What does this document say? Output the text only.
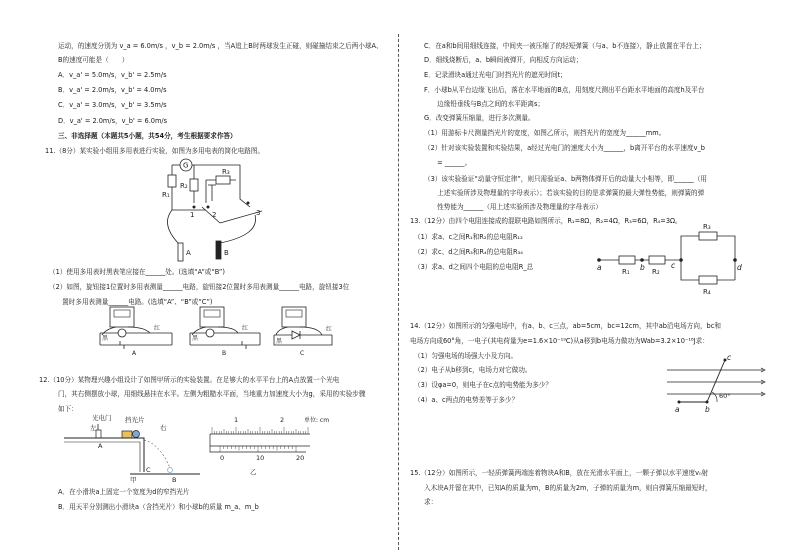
运动，的速度分别为 v_a = 6.0m/s ，v_b = 2.0m/s ，当A追上B时两球发生正碰，则碰撞结束之后两小球A、
B的速度可能是（　　）
A．v_a' = 5.0m/s，v_b' = 2.5m/s
B．v_a' = 2.0m/s，v_b' = 4.0m/s
C．v_a' = 3.0m/s，v_b' = 3.5m/s
D．v_a' = 2.0m/s，v_b' = 6.0m/s
三、非选择题（本题共5小题，共54分，考生根据要求作答）
11.（8分）某实验小组用多用表进行实验，如图为多用电表的简化电路图。
G
R₁
R₂
R₃
1	2	3
A	B
（1）使用多用表时黑表笔应接在______处。(选填“A”或“B”)
（2）如图，旋钮接1位置时多用表测量______电路，旋钮接2位置时多用表测量______电路，旋钮接3位
　　置时多用表测量______电路。(选填“A”、“B”或“C”)
黑
红
A
黑
红
B
黑
红
C
12.（10分）某物理兴趣小组设计了如图甲所示的实验装置。在足够大的水平平台上的A点放置一个光电
门，其右侧摆放小球，用细线悬挂在水平。左侧为粗糙水平面，当地重力加速度大小为g，采用的实验步骤
如下：
光电门 挡光片
左	右
A
C
B
甲
1	2	单位: cm
0	10	20
乙
A．在小滑块a上固定一个宽度为d的窄挡光片
B．用天平分别测出小滑块a（含挡光片）和小球b的质量 m_a、m_b
C．在a和b间用细线连接，中间夹一被压缩了的轻短弹簧（与a、b不连接），静止放置在平台上；
D．细线烧断后，a、b瞬间被弹开，向相反方向运动；
E．记录滑块a通过光电门时挡光片的遮光时间t；
F．小球b从平台边缘飞出后，落在水平地面的B点，用刻度尺测出平台距水平地面的高度h及平台
　　边缘铅垂线与B点之间的水平距离s；
G．改变弹簧压缩量，进行多次测量。
（1）用游标卡尺测量挡光片的宽度，如图乙所示，则挡光片的宽度为______mm。
（2）针对该实验装置和实验结果，a经过光电门的速度大小为______，b离开平台的水平速度v_b
　　= ______。
（3）该实验验证“动量守恒定律”，则只需验证a、b两物体弹开后的动量大小相等，即______（用
　　上述实验所涉及物理量的字母表示）；若该实验的目的是求弹簧的最大弹性势能，则弹簧的弹
　　性势能为______（用上述实验所涉及物理量的字母表示）
13.（12分）由四个电阻连接成的混联电路如图所示，R₁=8Ω，R₂=4Ω，R₃=6Ω，R₄=3Ω。
（1）求a、c之间R₁和R₂的总电阻R₁₂
（2）求c、d之间R₃和R₄的总电阻R₃₄
（3）求a、d之间四个电阻的总电阻R_总	a	b	c	d
R₁	R₂
R₃
R₄
14.（12分）如图所示的匀强电场中，有a、b、c三点，ab=5cm，bc=12cm，其中ab沿电场方向，bc和
电场方向成60°角，一电子(其电荷量为e=1.6×10⁻¹⁹C)从a移到b电场力做功为Wab=3.2×10⁻¹⁸J求：
（1）匀强电场的场强大小及方向。
（2）电子从b移到c，电场力对它做功。
（3）设φa=0，则电子在c点的电势能为多少？
（4）a、c两点的电势差等于多少？	60°
a	b
c
15.（12分）如图所示，一轻质弹簧两端连着物块A和B，放在光滑水平面上，一颗子弹以水平速度v₀射
入木块A并留在其中，已知A的质量为m，B的质量为2m，子弹的质量为m，则自弹簧压缩最短时，
求：
